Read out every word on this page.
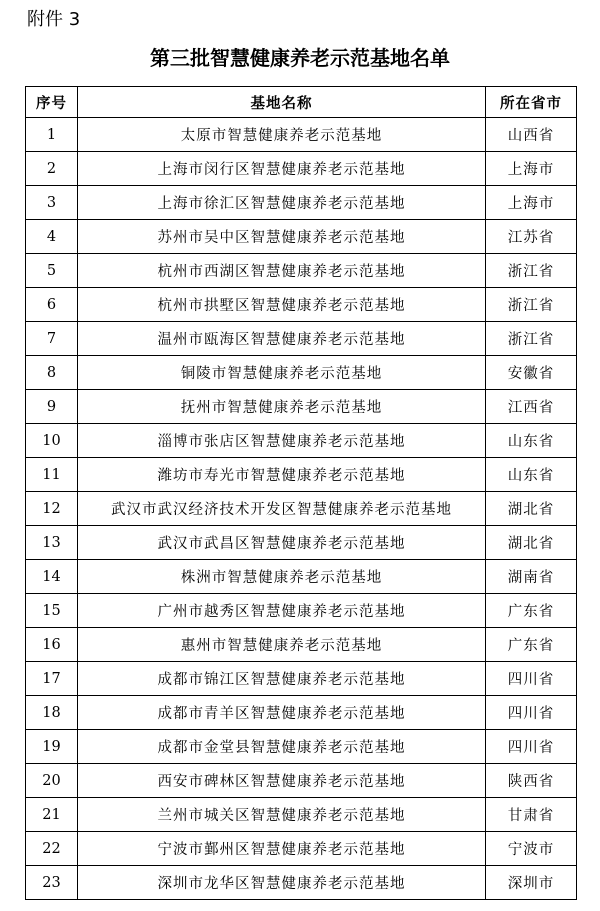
附件 3
第三批智慧健康养老示范基地名单
序号	基地名称	所在省市
1	太原市智慧健康养老示范基地	山西省
2	上海市闵行区智慧健康养老示范基地	上海市
3	上海市徐汇区智慧健康养老示范基地	上海市
4	苏州市吴中区智慧健康养老示范基地	江苏省
5	杭州市西湖区智慧健康养老示范基地	浙江省
6	杭州市拱墅区智慧健康养老示范基地	浙江省
7	温州市瓯海区智慧健康养老示范基地	浙江省
8	铜陵市智慧健康养老示范基地	安徽省
9	抚州市智慧健康养老示范基地	江西省
10	淄博市张店区智慧健康养老示范基地	山东省
11	潍坊市寿光市智慧健康养老示范基地	山东省
12	武汉市武汉经济技术开发区智慧健康养老示范基地	湖北省
13	武汉市武昌区智慧健康养老示范基地	湖北省
14	株洲市智慧健康养老示范基地	湖南省
15	广州市越秀区智慧健康养老示范基地	广东省
16	惠州市智慧健康养老示范基地	广东省
17	成都市锦江区智慧健康养老示范基地	四川省
18	成都市青羊区智慧健康养老示范基地	四川省
19	成都市金堂县智慧健康养老示范基地	四川省
20	西安市碑林区智慧健康养老示范基地	陕西省
21	兰州市城关区智慧健康养老示范基地	甘肃省
22	宁波市鄞州区智慧健康养老示范基地	宁波市
23	深圳市龙华区智慧健康养老示范基地	深圳市
